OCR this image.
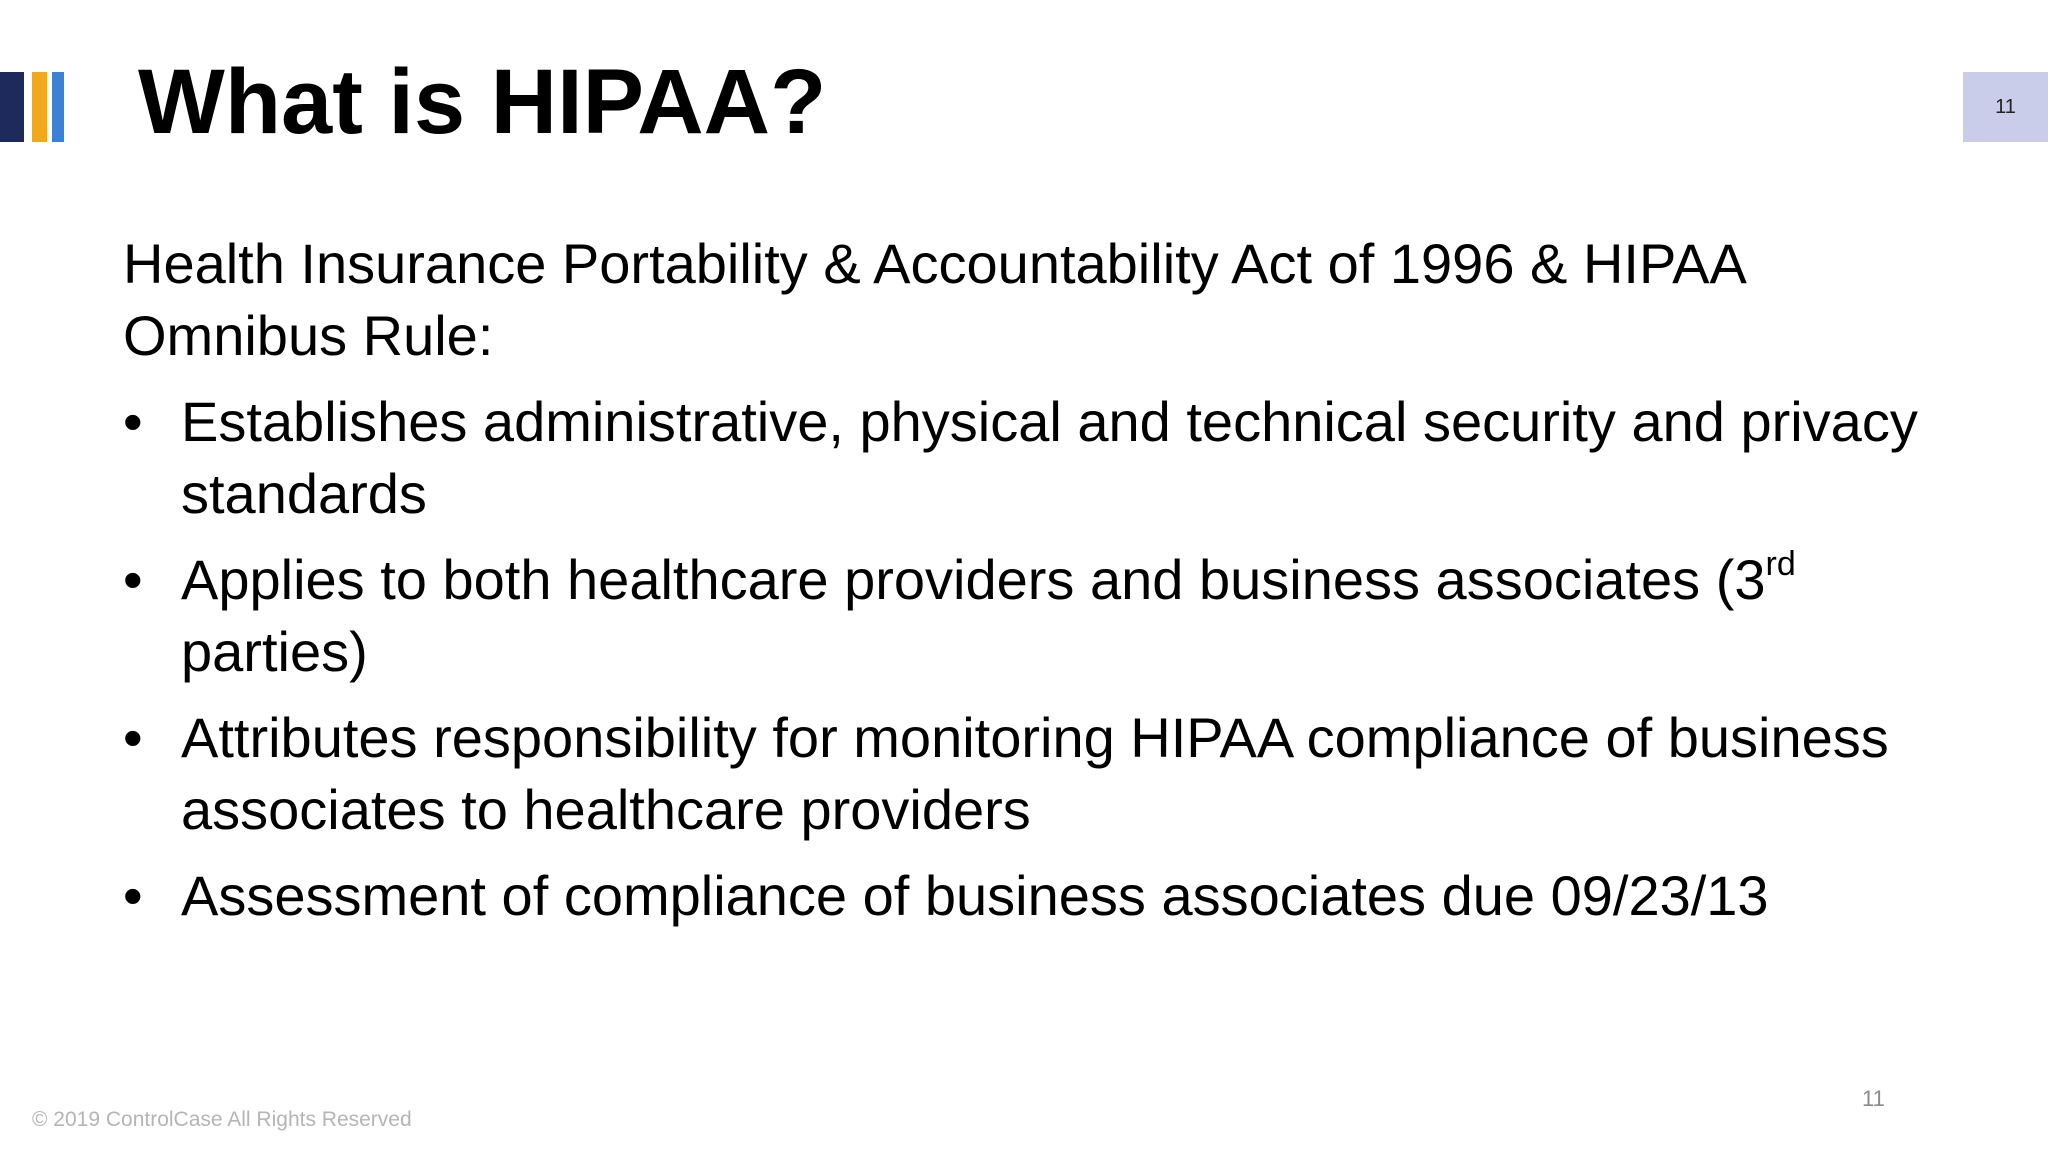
What is HIPAA?	11

Health Insurance Portability & Accountability Act of 1996 & HIPAA Omnibus Rule:

• Establishes administrative, physical and technical security and privacy standards
• Applies to both healthcare providers and business associates (3rd parties)
• Attributes responsibility for monitoring HIPAA compliance of business associates to healthcare providers
• Assessment of compliance of business associates due 09/23/13
11
© 2019 ControlCase All Rights Reserved
